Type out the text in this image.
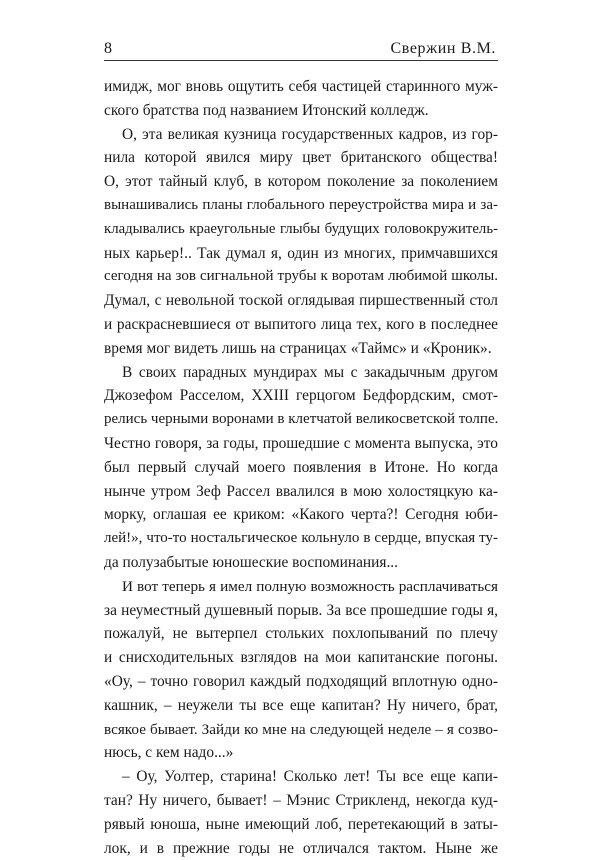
8	Свержин В.М.
имидж, мог вновь ощутить себя частицей старинного муж-
ского братства под названием Итонский колледж.
О, эта великая кузница государственных кадров, из гор-
нила которой явился миру цвет британского общества!
О, этот тайный клуб, в котором поколение за поколением
вынашивались планы глобального переустройства мира и за-
кладывались краеугольные глыбы будущих головокружитель-
ных карьер!.. Так думал я, один из многих, примчавшихся
сегодня на зов сигнальной трубы к воротам любимой школы.
Думал, с невольной тоской оглядывая пиршественный стол
и раскрасневшиеся от выпитого лица тех, кого в последнее
время мог видеть лишь на страницах «Таймс» и «Кроник».
В своих парадных мундирах мы с закадычным другом
Джозефом Расселом, XXIII герцогом Бедфордским, смот-
релись черными воронами в клетчатой великосветской толпе.
Честно говоря, за годы, прошедшие с момента выпуска, это
был первый случай моего появления в Итоне. Но когда
нынче утром Зеф Рассел ввалился в мою холостяцкую ка-
морку, оглашая ее криком: «Какого черта?! Сегодня юби-
лей!», что-то ностальгическое кольнуло в сердце, впуская ту-
да полузабытые юношеские воспоминания...
И вот теперь я имел полную возможность расплачиваться
за неуместный душевный порыв. За все прошедшие годы я,
пожалуй, не вытерпел стольких похлопываний по плечу
и снисходительных взглядов на мои капитанские погоны.
«Оу, – точно говорил каждый подходящий вплотную одно-
кашник, – неужели ты все еще капитан? Ну ничего, брат,
всякое бывает. Зайди ко мне на следующей неделе – я созво-
нюсь, с кем надо...»
– Оу, Уолтер, старина! Сколько лет! Ты все еще капи-
тан? Ну ничего, бывает! – Мэнис Стрикленд, некогда куд-
рявый юноша, ныне имеющий лоб, перетекающий в заты-
лок, и в прежние годы не отличался тактом. Ныне же
